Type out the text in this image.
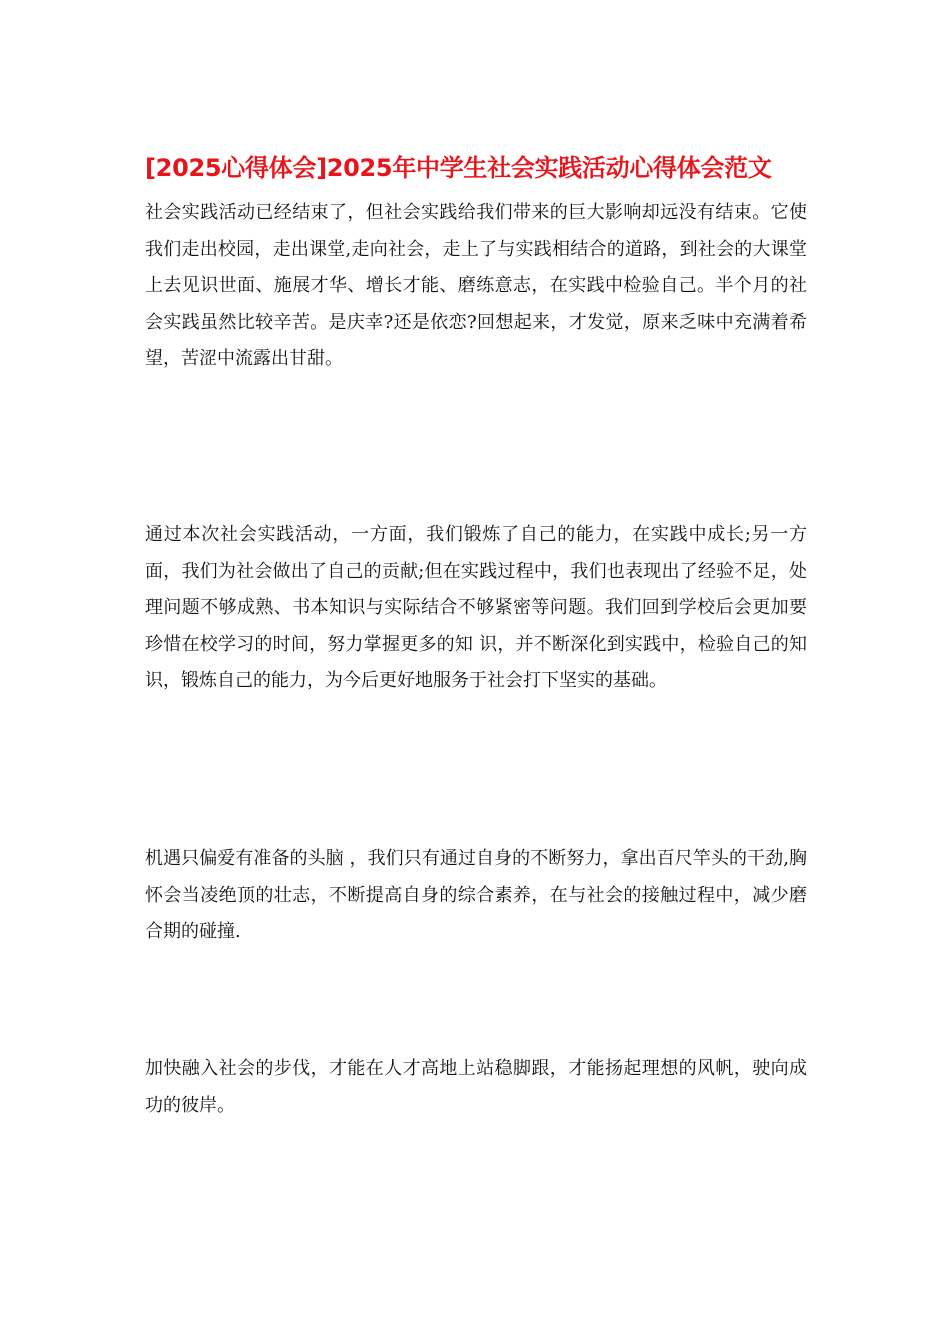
[2025心得体会]2025年中学生社会实践活动心得体会范文

社会实践活动已经结束了，但社会实践给我们带来的巨大影响却远没有结束。它使我们走出校园，走出课堂,走向社会，走上了与实践相结合的道路，到社会的大课堂上去见识世面、施展才华、增长才能、磨练意志，在实践中检验自己。半个月的社会实践虽然比较辛苦。是庆幸?还是依恋?回想起来，才发觉，原来乏味中充满着希望，苦涩中流露出甘甜。

通过本次社会实践活动，一方面，我们锻炼了自己的能力，在实践中成长;另一方面，我们为社会做出了自己的贡献;但在实践过程中，我们也表现出了经验不足，处理问题不够成熟、书本知识与实际结合不够紧密等问题。我们回到学校后会更加要珍惜在校学习的时间，努力掌握更多的知 识，并不断深化到实践中，检验自己的知识，锻炼自己的能力，为今后更好地服务于社会打下坚实的基础。

机遇只偏爱有准备的头脑 ，我们只有通过自身的不断努力，拿出百尺竿头的干劲,胸怀会当凌绝顶的壮志，不断提高自身的综合素养，在与社会的接触过程中，减少磨合期的碰撞.

加快融入社会的步伐，才能在人才高地上站稳脚跟，才能扬起理想的风帆，驶向成功的彼岸。
